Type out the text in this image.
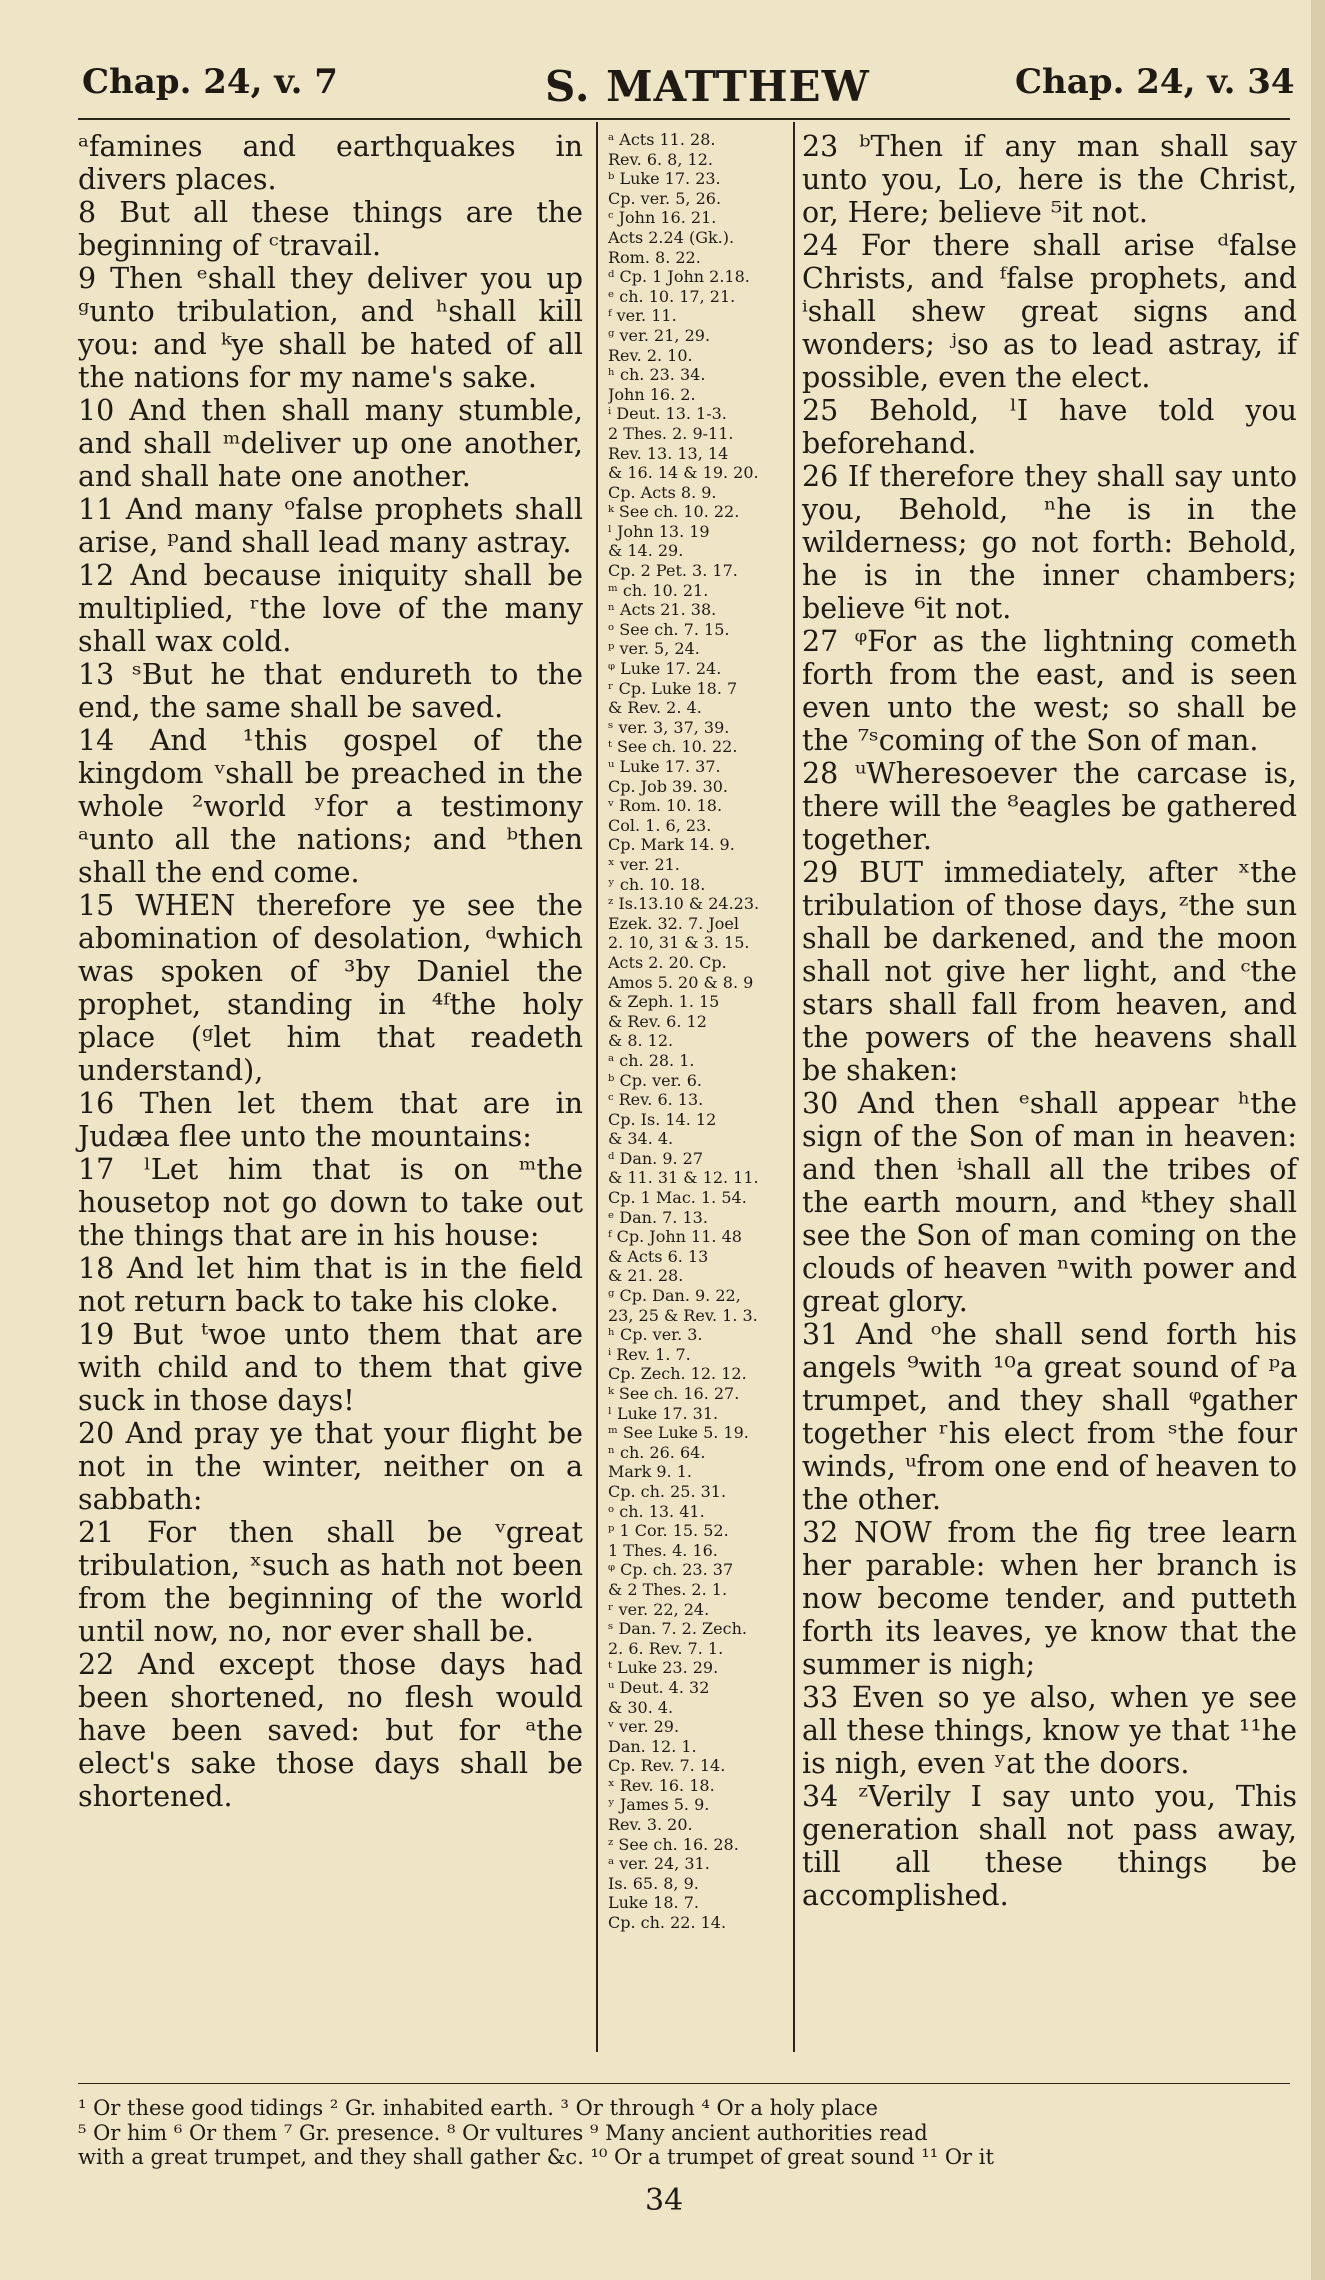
Chap. 24, v. 7	S. MATTHEW	Chap. 24, v. 34

ᵃfamines and earthquakes in divers places.

8 But all these things are the beginning of ᶜtravail.

9 Then ᵉshall they deliver you up ᵍunto tribulation, and ʰshall kill you: and ᵏye shall be hated of all the nations for my name's sake.

10 And then shall many stumble, and shall ᵐdeliver up one another, and shall hate one another.

11 And many ᵒfalse prophets shall arise, ᵖand shall lead many astray.

12 And because iniquity shall be multiplied, ʳthe love of the many shall wax cold.

13 ˢBut he that endureth to the end, the same shall be saved.

14 And ¹this gospel of the kingdom ᵛshall be preached in the whole ²world ʸfor a testimony ᵃunto all the nations; and ᵇthen shall the end come.

15 WHEN therefore ye see the abomination of desolation, ᵈwhich was spoken of ³by Daniel the prophet, standing in ⁴ᶠthe holy place (ᵍlet him that readeth understand),

16 Then let them that are in Judæa flee unto the mountains:

17 ˡLet him that is on ᵐthe housetop not go down to take out the things that are in his house:

18 And let him that is in the field not return back to take his cloke.

19 But ᵗwoe unto them that are with child and to them that give suck in those days!

20 And pray ye that your flight be not in the winter, neither on a sabbath:

21 For then shall be ᵛgreat tribulation, ˣsuch as hath not been from the beginning of the world until now, no, nor ever shall be.

22 And except those days had been shortened, no flesh would have been saved: but for ᵃthe elect's sake those days shall be shortened.

ᵃ Acts 11. 28.

Rev. 6. 8, 12.

ᵇ Luke 17. 23.

Cp. ver. 5, 26.

ᶜ John 16. 21.

Acts 2.24 (Gk.).

Rom. 8. 22.

ᵈ Cp. 1 John 2.18.

ᵉ ch. 10. 17, 21.

ᶠ ver. 11.

ᵍ ver. 21, 29.

Rev. 2. 10.

ʰ ch. 23. 34.

John 16. 2.

ⁱ Deut. 13. 1-3.

2 Thes. 2. 9-11.

Rev. 13. 13, 14

& 16. 14 & 19. 20.

Cp. Acts 8. 9.

ᵏ See ch. 10. 22.

ˡ John 13. 19

& 14. 29.

Cp. 2 Pet. 3. 17.

ᵐ ch. 10. 21.

ⁿ Acts 21. 38.

ᵒ See ch. 7. 15.

ᵖ ver. 5, 24.

ᵠ Luke 17. 24.

ʳ Cp. Luke 18. 7

& Rev. 2. 4.

ˢ ver. 3, 37, 39.

ᵗ See ch. 10. 22.

ᵘ Luke 17. 37.

Cp. Job 39. 30.

ᵛ Rom. 10. 18.

Col. 1. 6, 23.

Cp. Mark 14. 9.

ˣ ver. 21.

ʸ ch. 10. 18.

ᶻ Is.13.10 & 24.23.

Ezek. 32. 7. Joel

2. 10, 31 & 3. 15.

Acts 2. 20. Cp.

Amos 5. 20 & 8. 9

& Zeph. 1. 15

& Rev. 6. 12

& 8. 12.

ᵃ ch. 28. 1.

ᵇ Cp. ver. 6.

ᶜ Rev. 6. 13.

Cp. Is. 14. 12

& 34. 4.

ᵈ Dan. 9. 27

& 11. 31 & 12. 11.

Cp. 1 Mac. 1. 54.

ᵉ Dan. 7. 13.

ᶠ Cp. John 11. 48

& Acts 6. 13

& 21. 28.

ᵍ Cp. Dan. 9. 22,

23, 25 & Rev. 1. 3.

ʰ Cp. ver. 3.

ⁱ Rev. 1. 7.

Cp. Zech. 12. 12.

ᵏ See ch. 16. 27.

ˡ Luke 17. 31.

ᵐ See Luke 5. 19.

ⁿ ch. 26. 64.

Mark 9. 1.

Cp. ch. 25. 31.

ᵒ ch. 13. 41.

ᵖ 1 Cor. 15. 52.

1 Thes. 4. 16.

ᵠ Cp. ch. 23. 37

& 2 Thes. 2. 1.

ʳ ver. 22, 24.

ˢ Dan. 7. 2. Zech.

2. 6. Rev. 7. 1.

ᵗ Luke 23. 29.

ᵘ Deut. 4. 32

& 30. 4.

ᵛ ver. 29.

Dan. 12. 1.

Cp. Rev. 7. 14.

ˣ Rev. 16. 18.

ʸ James 5. 9.

Rev. 3. 20.

ᶻ See ch. 16. 28.

ᵃ ver. 24, 31.

Is. 65. 8, 9.

Luke 18. 7.

Cp. ch. 22. 14.

23 ᵇThen if any man shall say unto you, Lo, here is the Christ, or, Here; believe ⁵it not.

24 For there shall arise ᵈfalse Christs, and ᶠfalse prophets, and ⁱshall shew great signs and wonders; ʲso as to lead astray, if possible, even the elect.

25 Behold, ˡI have told you beforehand.

26 If therefore they shall say unto you, Behold, ⁿhe is in the wilderness; go not forth: Behold, he is in the inner chambers; believe ⁶it not.

27 ᵠFor as the lightning cometh forth from the east, and is seen even unto the west; so shall be the ⁷ˢcoming of the Son of man.

28 ᵘWheresoever the carcase is, there will the ⁸eagles be gathered together.

29 BUT immediately, after ˣthe tribulation of those days, ᶻthe sun shall be darkened, and the moon shall not give her light, and ᶜthe stars shall fall from heaven, and the powers of the heavens shall be shaken:

30 And then ᵉshall appear ʰthe sign of the Son of man in heaven: and then ⁱshall all the tribes of the earth mourn, and ᵏthey shall see the Son of man coming on the clouds of heaven ⁿwith power and great glory.

31 And ᵒhe shall send forth his angels ⁹with ¹⁰a great sound of ᵖa trumpet, and they shall ᵠgather together ʳhis elect from ˢthe four winds, ᵘfrom one end of heaven to the other.

32 NOW from the fig tree learn her parable: when her branch is now become tender, and putteth forth its leaves, ye know that the summer is nigh;

33 Even so ye also, when ye see all these things, know ye that ¹¹he is nigh, even ʸat the doors.

34 ᶻVerily I say unto you, This generation shall not pass away, till all these things be accomplished.

¹ Or these good tidings ² Gr. inhabited earth. ³ Or through ⁴ Or a holy place

⁵ Or him ⁶ Or them ⁷ Gr. presence. ⁸ Or vultures ⁹ Many ancient authorities read

with a great trumpet, and they shall gather &c. ¹⁰ Or a trumpet of great sound ¹¹ Or it

34
